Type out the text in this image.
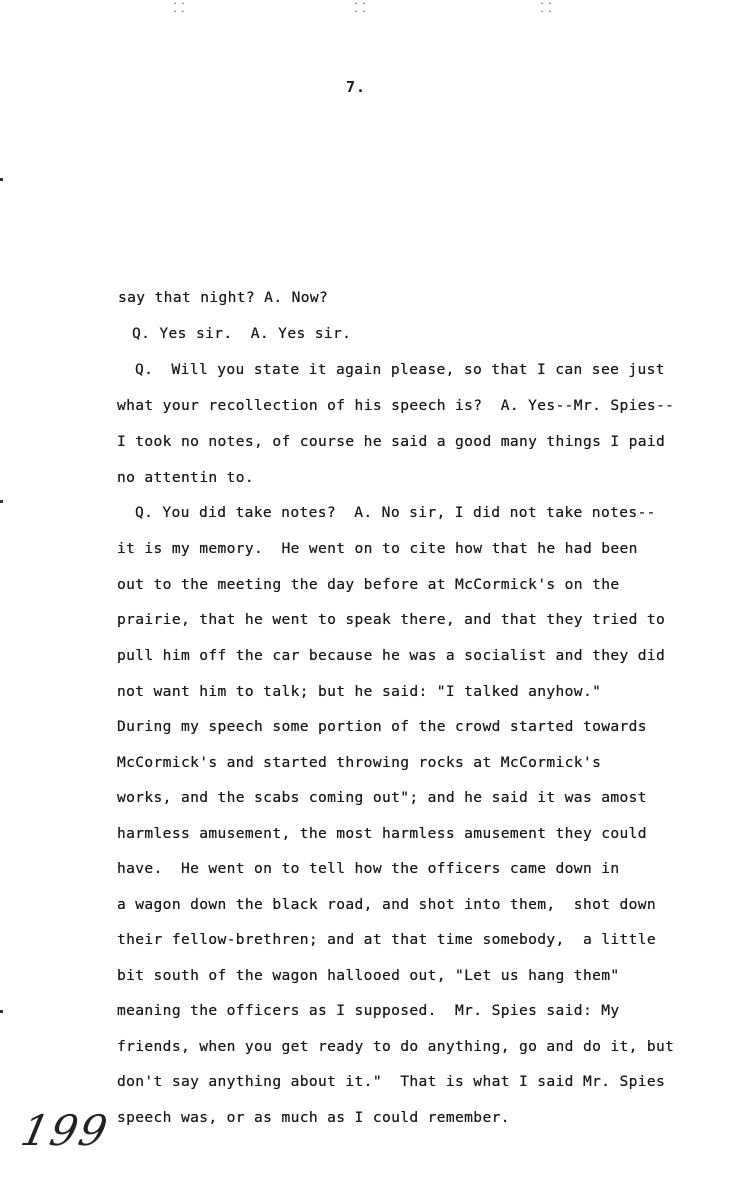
⸬	⸬	⸬
7.
say that night? A. Now?
Q. Yes sir.  A. Yes sir.
Q.  Will you state it again please, so that I can see just
what your recollection of his speech is?  A. Yes--Mr. Spies--
I took no notes, of course he said a good many things I paid
no attentin to.
Q. You did take notes?  A. No sir, I did not take notes--
it is my memory.  He went on to cite how that he had been
out to the meeting the day before at McCormick's on the
prairie, that he went to speak there, and that they tried to
pull him off the car because he was a socialist and they did
not want him to talk; but he said: "I talked anyhow."
During my speech some portion of the crowd started towards
McCormick's and started throwing rocks at McCormick's
works, and the scabs coming out"; and he said it was amost
harmless amusement, the most harmless amusement they could
have.  He went on to tell how the officers came down in
a wagon down the black road, and shot into them,  shot down
their fellow-brethren; and at that time somebody,  a little
bit south of the wagon hallooed out, "Let us hang them"
meaning the officers as I supposed.  Mr. Spies said: My
friends, when you get ready to do anything, go and do it, but
don't say anything about it."  That is what I said Mr. Spies
speech was, or as much as I could remember.
199
